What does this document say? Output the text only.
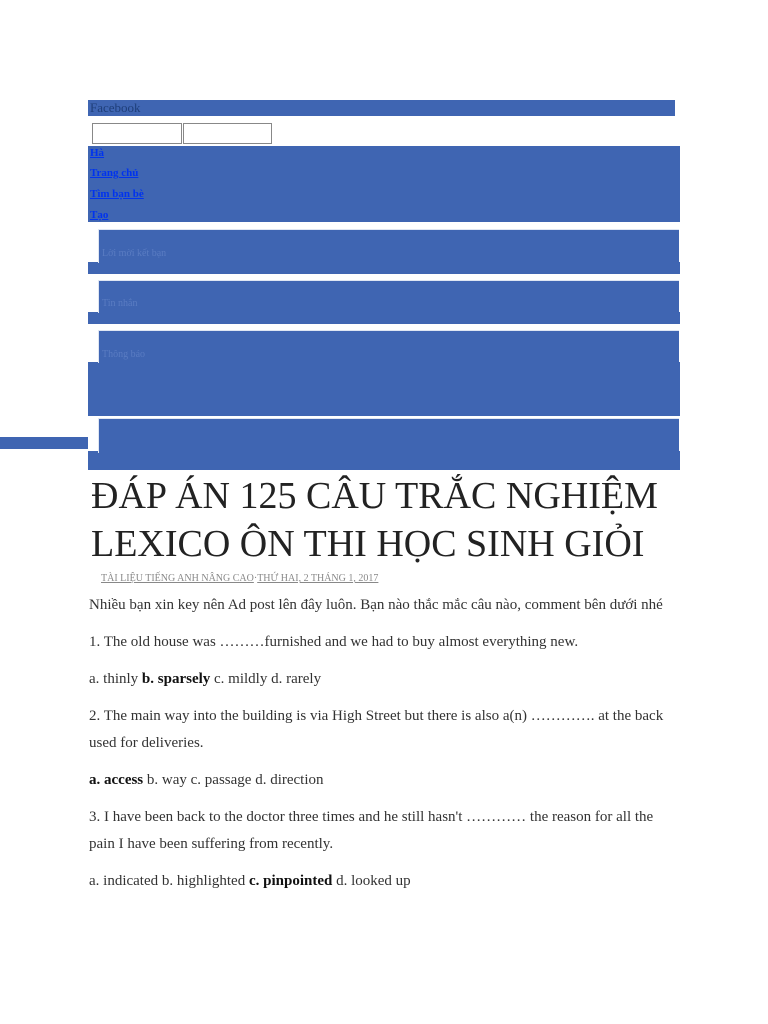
Facebook
Hà
Trang chủ
Tìm bạn bè
Tạo
Lời mời kết bạn
Tin nhắn
Thông báo
ĐÁP ÁN 125 CÂU TRẮC NGHIỆM LEXICO ÔN THI HỌC SINH GIỎI
TÀI LIỆU TIẾNG ANH NÂNG CAO·THỨ HAI, 2 THÁNG 1, 2017

Nhiều bạn xin key nên Ad post lên đây luôn. Bạn nào thắc mắc câu nào, comment bên dưới nhé

1. The old house was ………furnished and we had to buy almost everything new.

a. thinly b. sparsely c. mildly d. rarely

2. The main way into the building is via High Street but there is also a(n) …………. at the back used for deliveries.

a. access b. way c. passage d. direction

3. I have been back to the doctor three times and he still hasn't ………… the reason for all the pain I have been suffering from recently.

a. indicated b. highlighted c. pinpointed d. looked up
